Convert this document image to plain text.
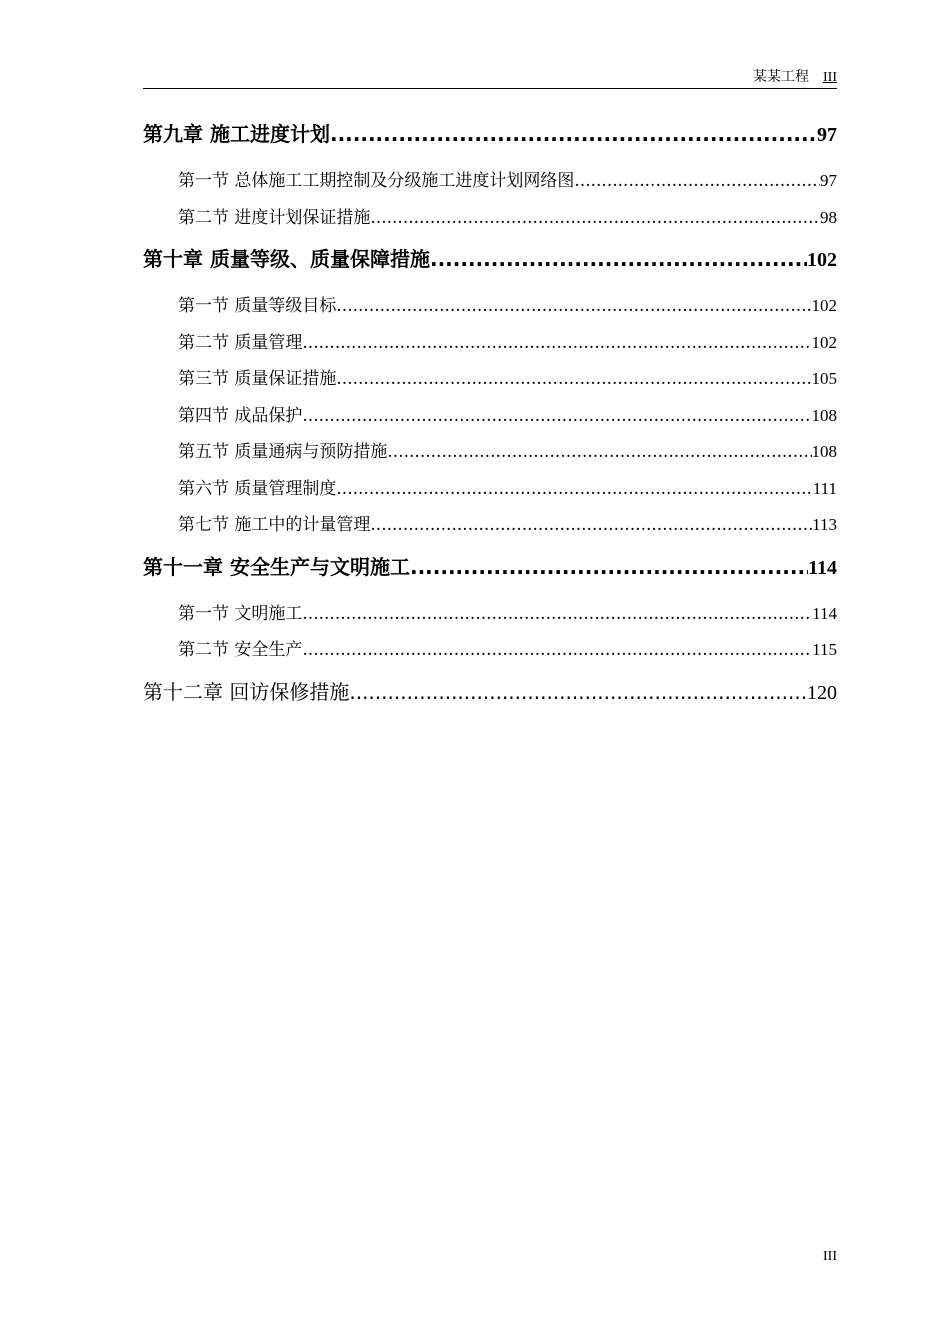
某某工程 III
第九章 施工进度计划 .....	97
第一节 总体施工工期控制及分级施工进度计划网络图 .....	97
第二节 进度计划保证措施 .....	98
第十章 质量等级、质量保障措施 .....	102
第一节 质量等级目标 .....	102
第二节 质量管理 .....	102
第三节 质量保证措施 .....	105
第四节 成品保护 .....	108
第五节 质量通病与预防措施 .....	108
第六节 质量管理制度 .....	111
第七节 施工中的计量管理 .....	113
第十一章 安全生产与文明施工 .....	114
第一节 文明施工 .....	114
第二节 安全生产 .....	115
第十二章 回访保修措施 .....	120
III
